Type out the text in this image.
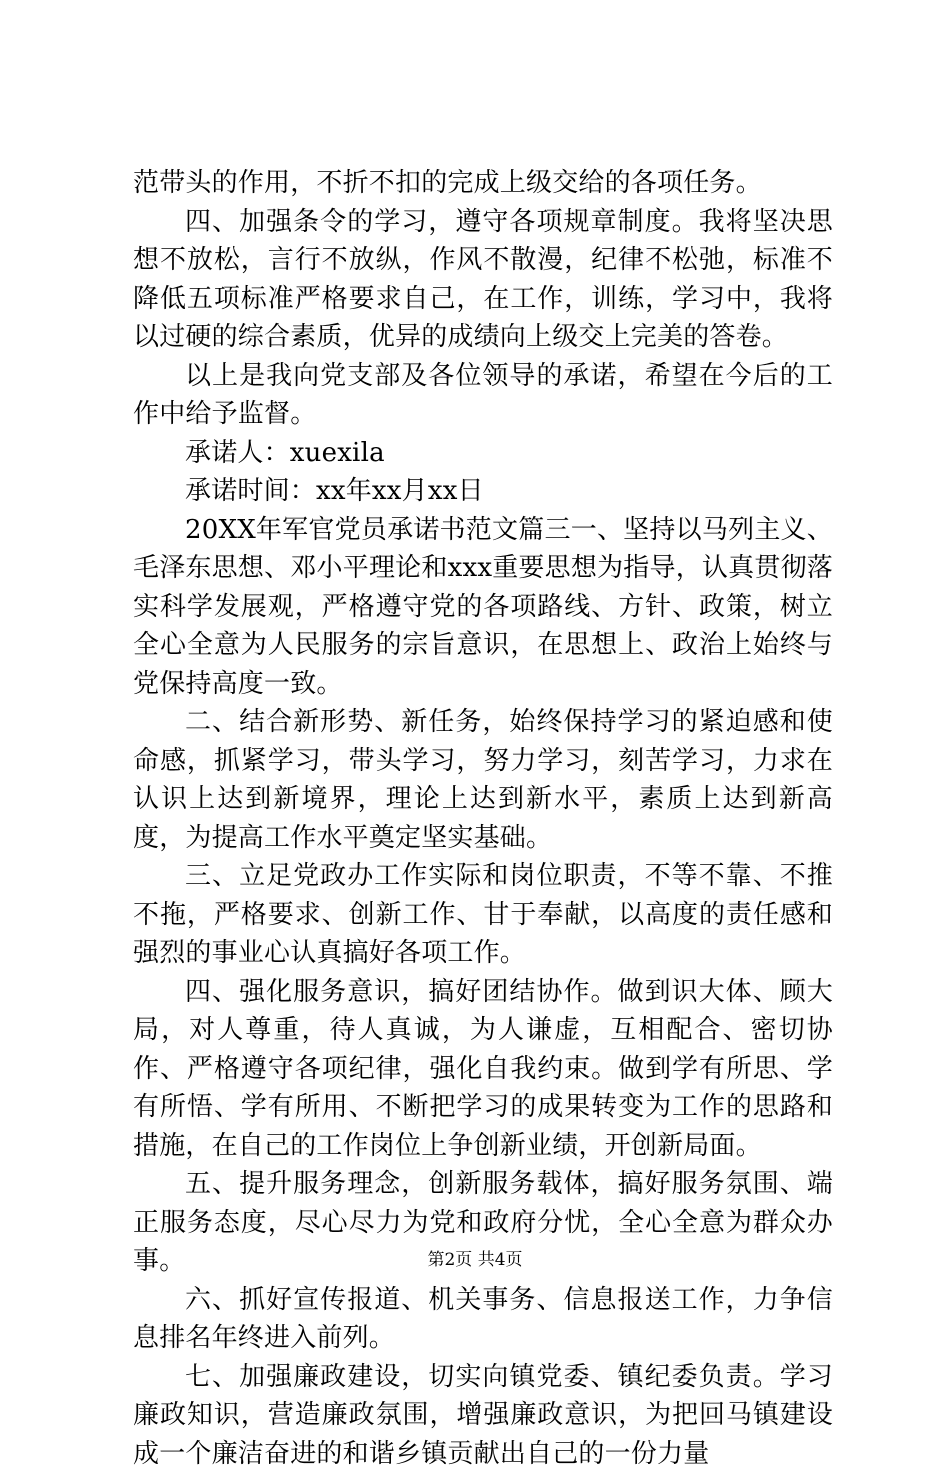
范带头的作用，不折不扣的完成上级交给的各项任务。

四、加强条令的学习，遵守各项规章制度。我将坚决思想不放松，言行不放纵，作风不散漫，纪律不松弛，标准不降低五项标准严格要求自己，在工作，训练，学习中，我将以过硬的综合素质，优异的成绩向上级交上完美的答卷。

以上是我向党支部及各位领导的承诺，希望在今后的工作中给予监督。

承诺人：xuexila

承诺时间：xx年xx月xx日

20XX年军官党员承诺书范文篇三一、坚持以马列主义、毛泽东思想、邓小平理论和xxx重要思想为指导，认真贯彻落实科学发展观，严格遵守党的各项路线、方针、政策，树立全心全意为人民服务的宗旨意识，在思想上、政治上始终与党保持高度一致。

二、结合新形势、新任务，始终保持学习的紧迫感和使命感，抓紧学习，带头学习，努力学习，刻苦学习，力求在认识上达到新境界，理论上达到新水平，素质上达到新高度，为提高工作水平奠定坚实基础。

三、立足党政办工作实际和岗位职责，不等不靠、不推不拖，严格要求、创新工作、甘于奉献，以高度的责任感和强烈的事业心认真搞好各项工作。

四、强化服务意识，搞好团结协作。做到识大体、顾大局，对人尊重，待人真诚，为人谦虚，互相配合、密切协作、严格遵守各项纪律，强化自我约束。做到学有所思、学有所悟、学有所用、不断把学习的成果转变为工作的思路和措施，在自己的工作岗位上争创新业绩，开创新局面。

五、提升服务理念，创新服务载体，搞好服务氛围、端正服务态度，尽心尽力为党和政府分忧，全心全意为群众办事。

六、抓好宣传报道、机关事务、信息报送工作，力争信息排名年终进入前列。

七、加强廉政建设，切实向镇党委、镇纪委负责。学习廉政知识，营造廉政氛围，增强廉政意识，为把回马镇建设成一个廉洁奋进的和谐乡镇贡献出自己的一份力量

第2页 共4页
